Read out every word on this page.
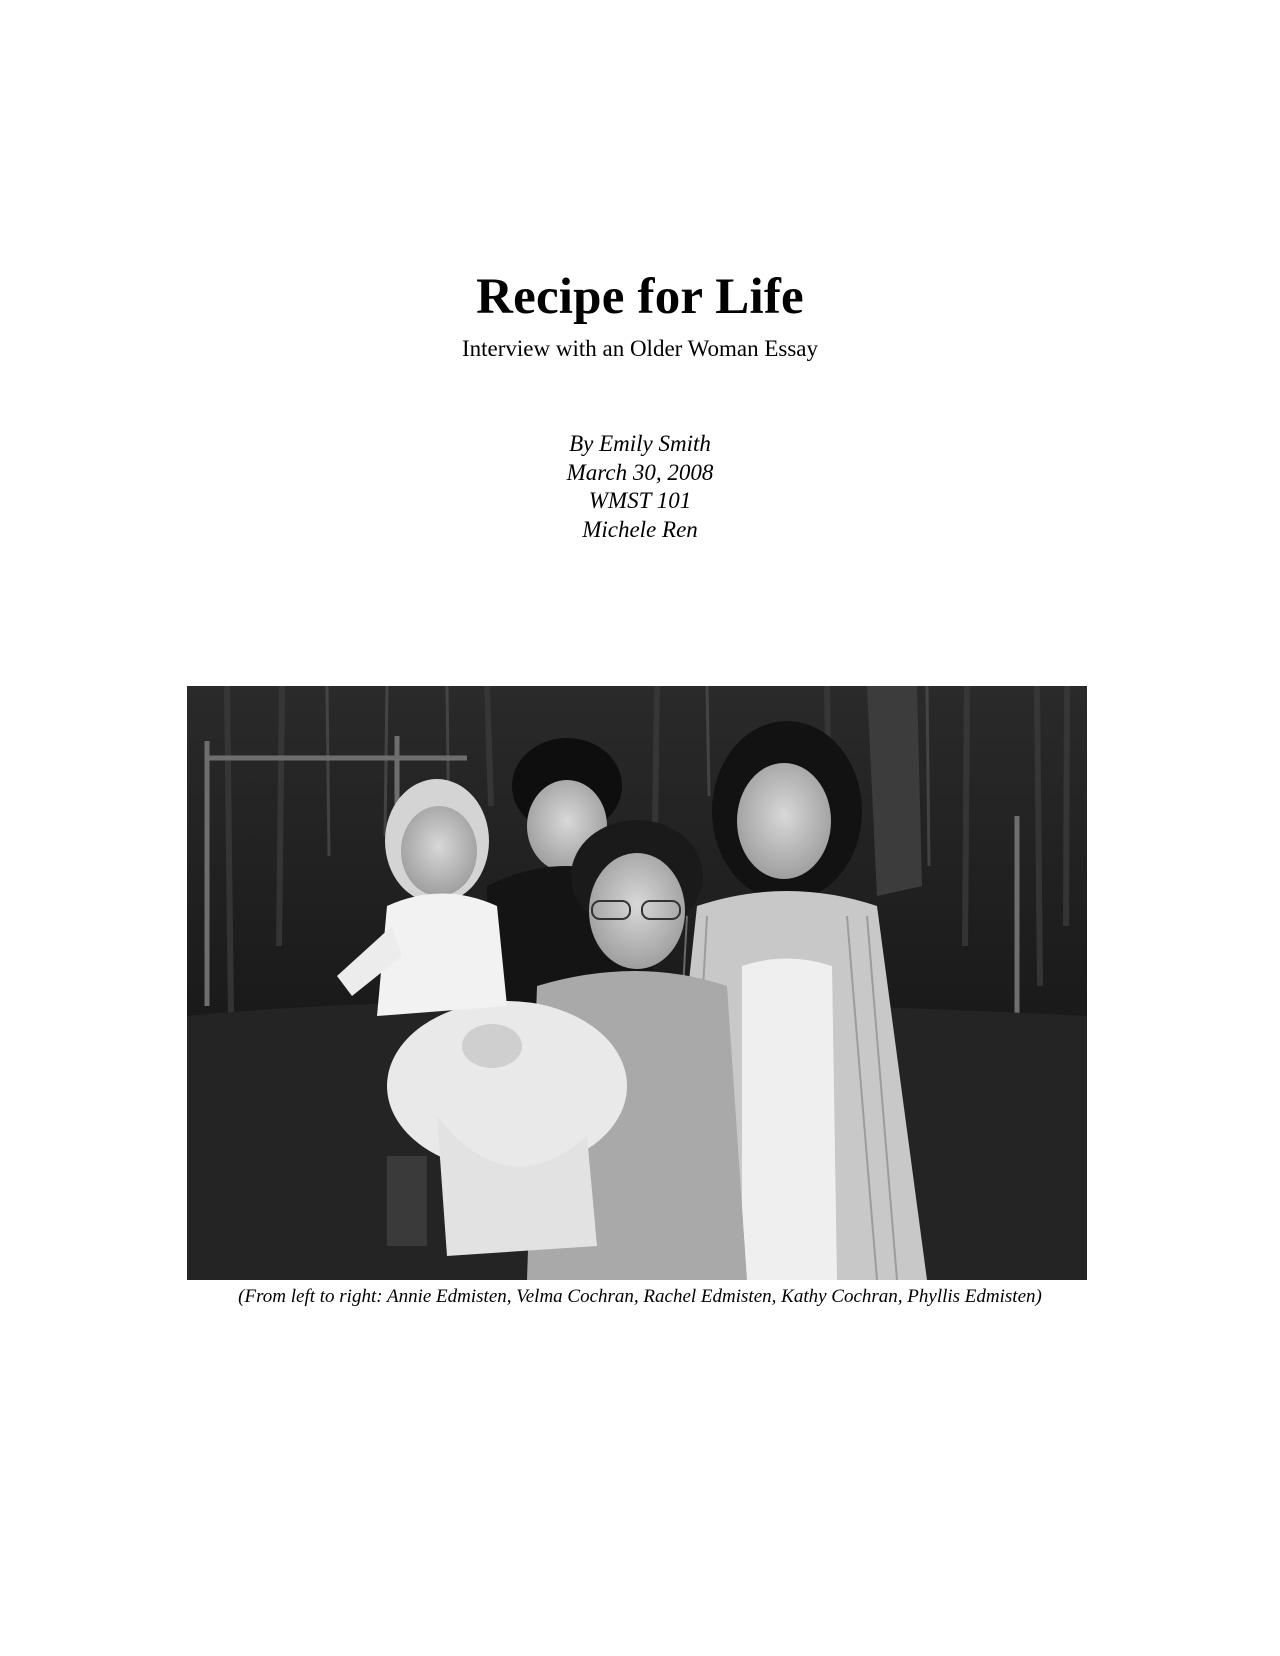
Recipe for Life
Interview with an Older Woman Essay
By Emily Smith
March 30, 2008
WMST 101
Michele Ren
(From left to right: Annie Edmisten, Velma Cochran, Rachel Edmisten, Kathy Cochran, Phyllis Edmisten)
